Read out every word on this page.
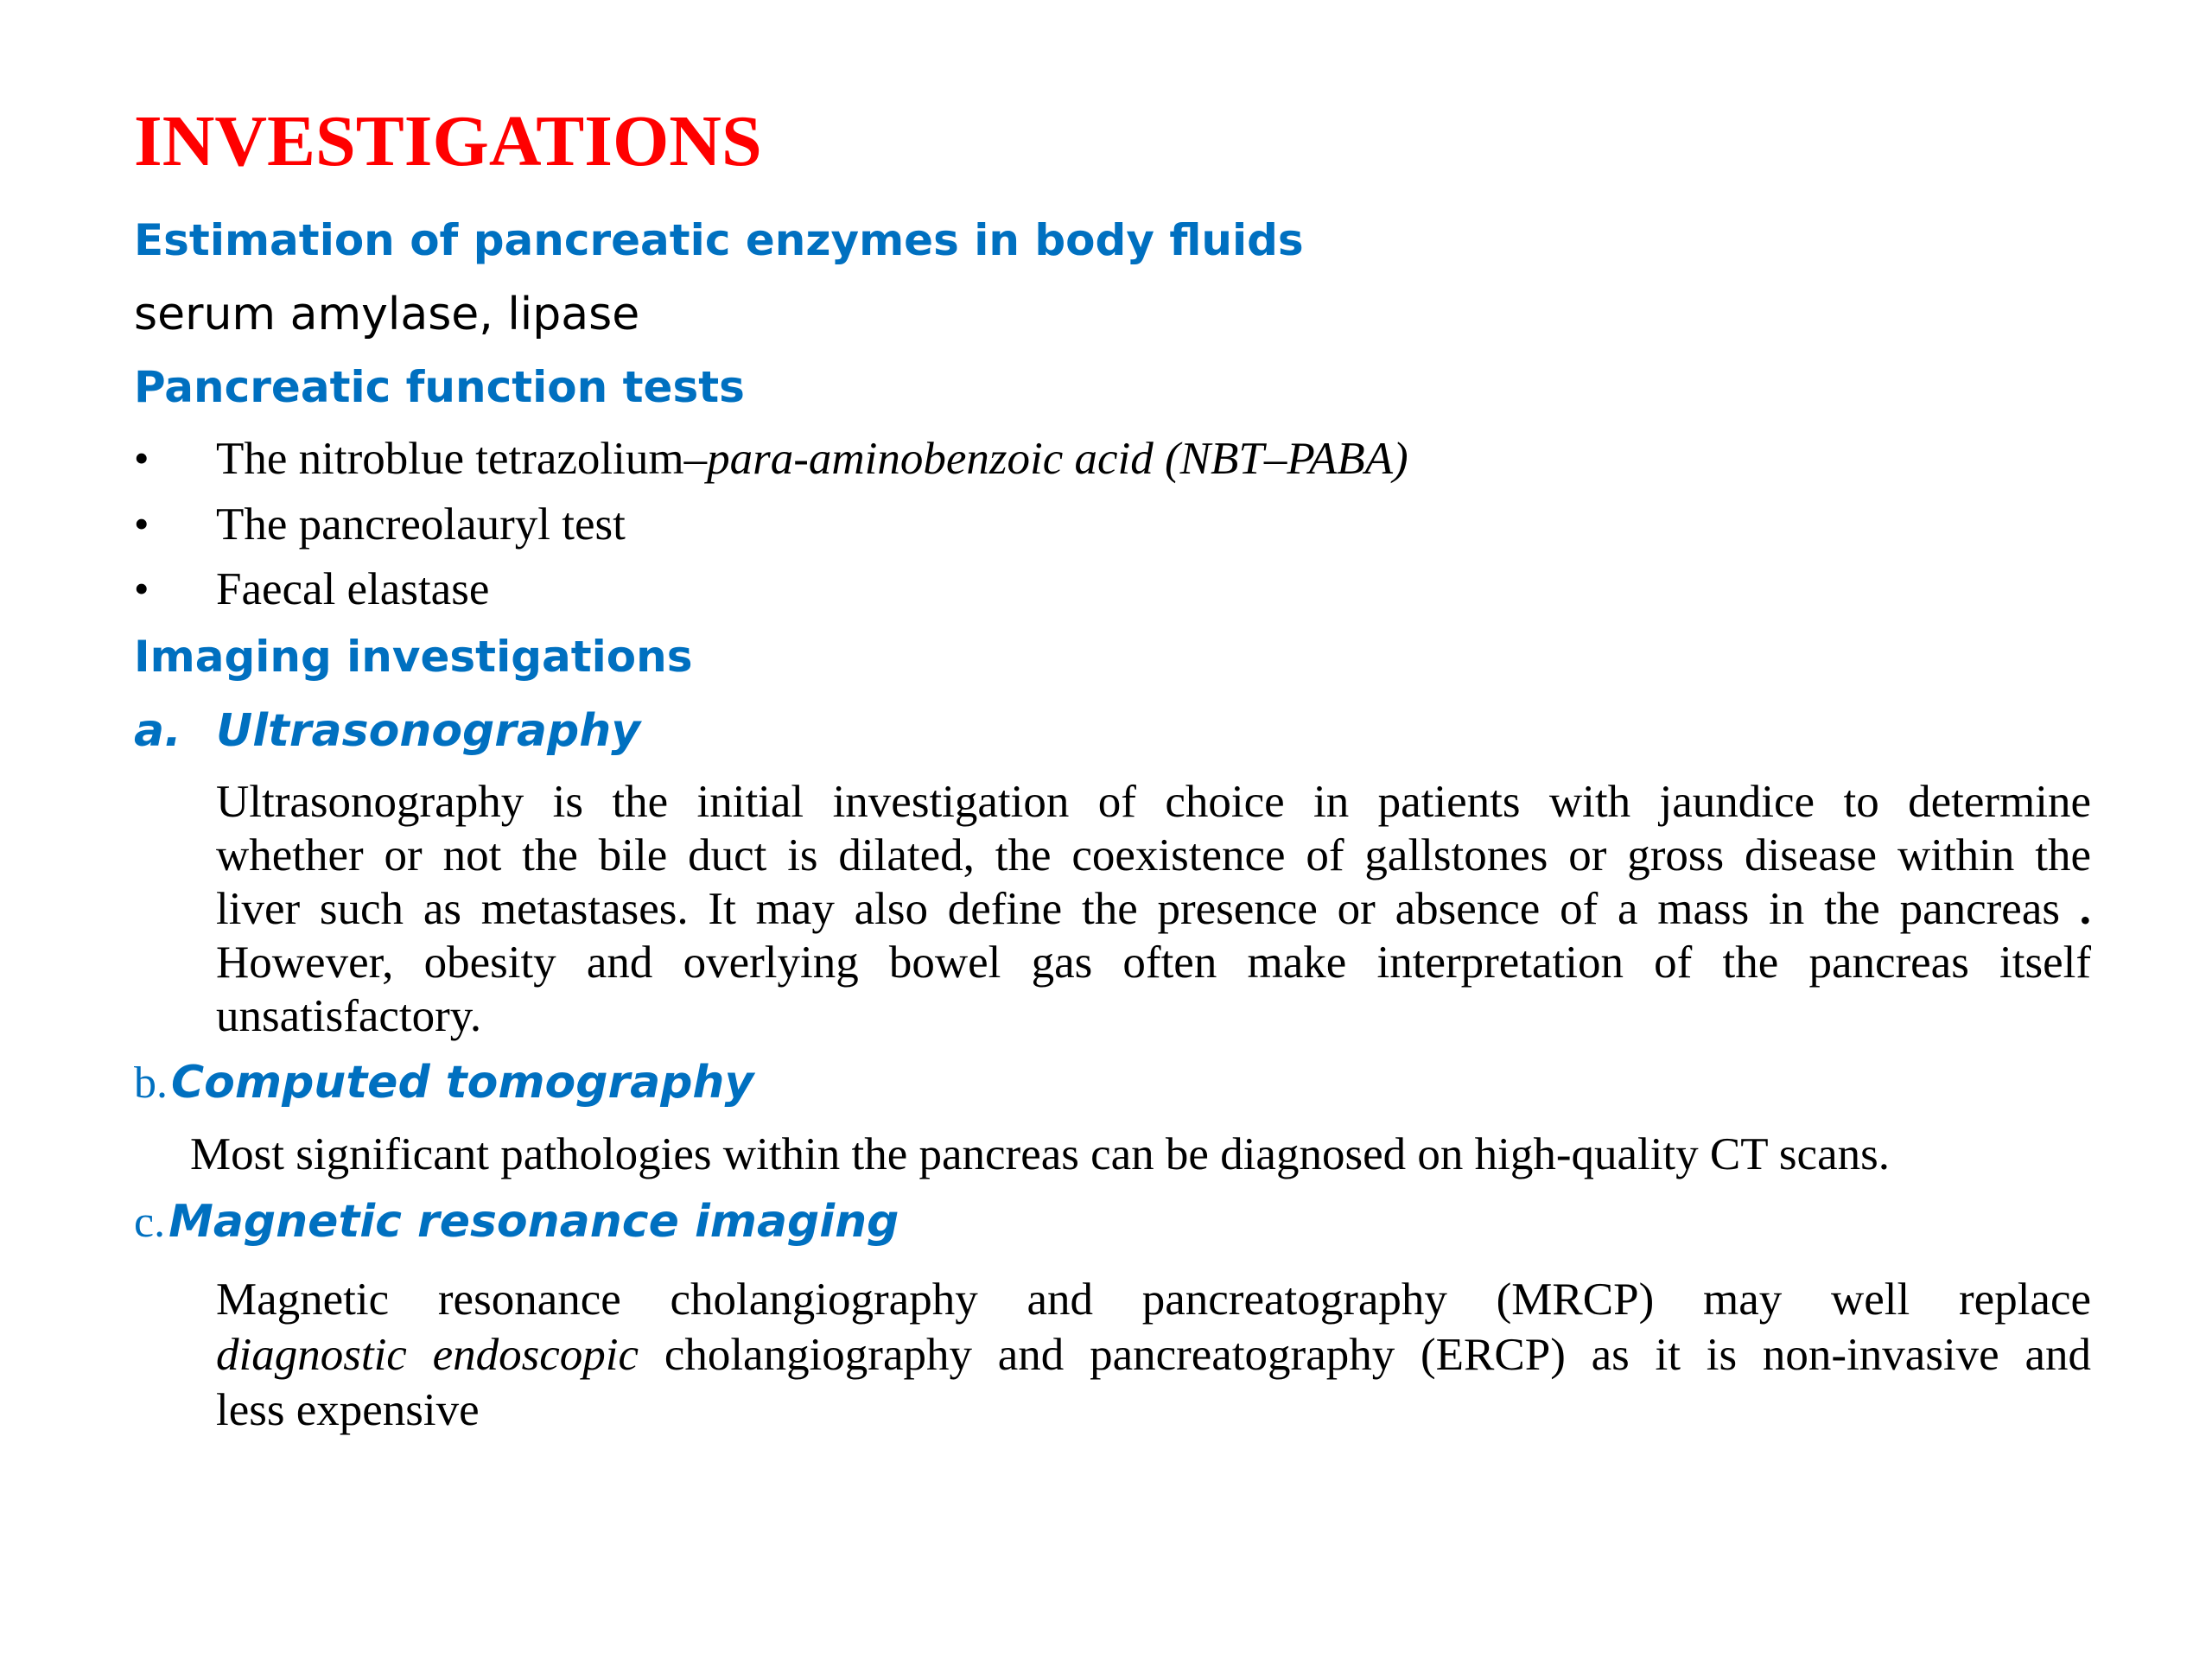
INVESTIGATIONS
Estimation of pancreatic enzymes in body fluids
serum amylase, lipase
Pancreatic function tests
• The nitroblue tetrazolium–para-aminobenzoic acid (NBT–PABA)
• The pancreolauryl test
• Faecal elastase
Imaging investigations
a. Ultrasonography
Ultrasonography is the initial investigation of choice in patients with jaundice to determine
whether or not the bile duct is dilated, the coexistence of gallstones or gross disease within the
liver such as metastases. It may also define the presence or absence of a mass in the pancreas .
However, obesity and overlying bowel gas often make interpretation of the pancreas itself
unsatisfactory.
b. Computed tomography
Most significant pathologies within the pancreas can be diagnosed on high-quality CT scans.
c. Magnetic resonance imaging
Magnetic resonance cholangiography and pancreatography (MRCP) may well replace
diagnostic endoscopic cholangiography and pancreatography (ERCP) as it is non-invasive and
less expensive
